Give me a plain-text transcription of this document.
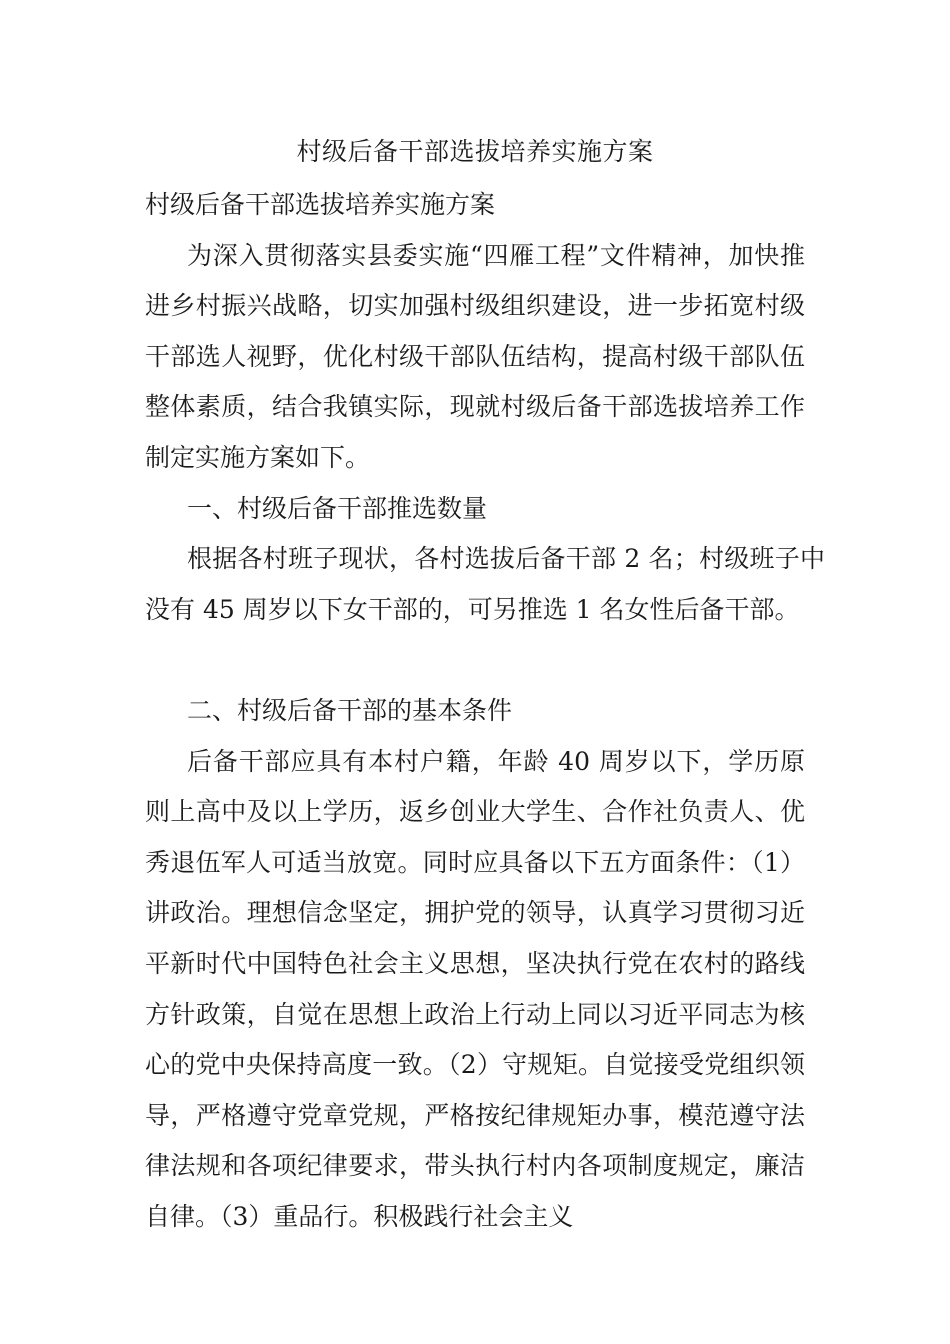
村级后备干部选拔培养实施方案

村级后备干部选拔培养实施方案

为深入贯彻落实县委实施“四雁工程”文件精神，加快推进乡村振兴战略，切实加强村级组织建设，进一步拓宽村级干部选人视野，优化村级干部队伍结构，提高村级干部队伍整体素质，结合我镇实际，现就村级后备干部选拔培养工作制定实施方案如下。

一、村级后备干部推选数量

根据各村班子现状，各村选拔后备干部 2 名；村级班子中没有 45 周岁以下女干部的，可另推选 1 名女性后备干部。

二、村级后备干部的基本条件

后备干部应具有本村户籍，年龄 40 周岁以下，学历原则上高中及以上学历，返乡创业大学生、合作社负责人、优秀退伍军人可适当放宽。同时应具备以下五方面条件：（1）讲政治。理想信念坚定，拥护党的领导，认真学习贯彻习近平新时代中国特色社会主义思想，坚决执行党在农村的路线方针政策，自觉在思想上政治上行动上同以习近平同志为核心的党中央保持高度一致。（2）守规矩。自觉接受党组织领导，严格遵守党章党规，严格按纪律规矩办事，模范遵守法律法规和各项纪律要求，带头执行村内各项制度规定，廉洁自律。（3）重品行。积极践行社会主义
